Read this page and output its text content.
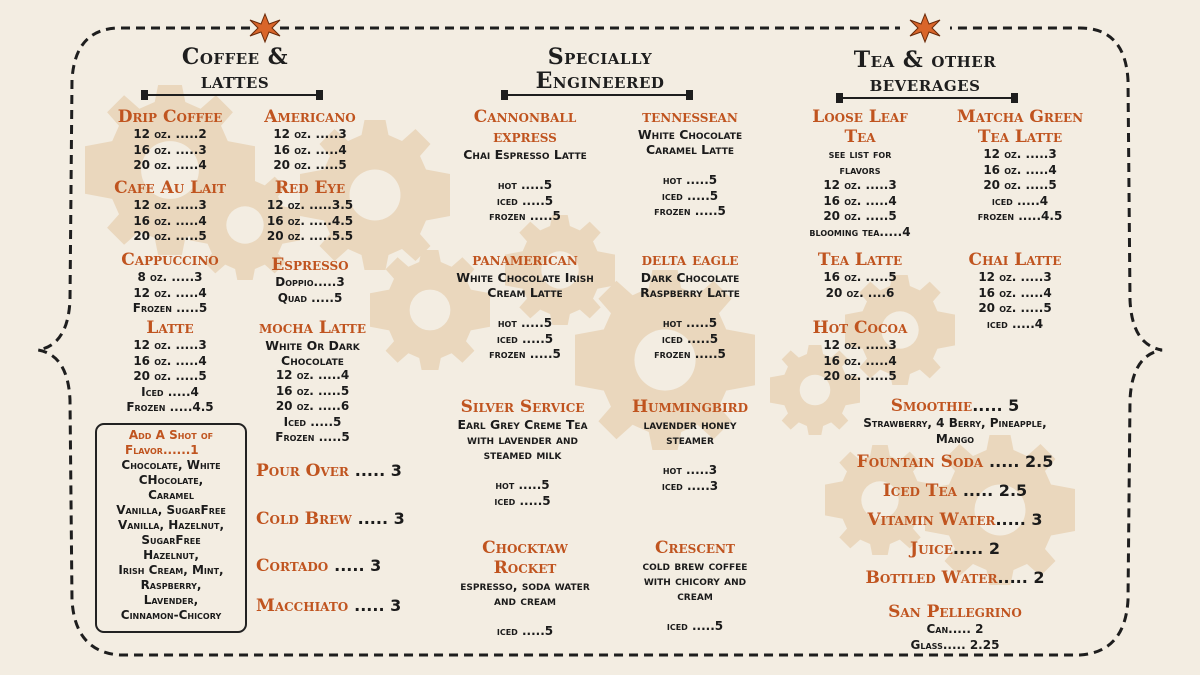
Coffee &
lattes
Specially
Engineered
Tea & other
beverages
Drip Coffee
12 oz. .....2
16 oz. .....3
20 oz. .....4
Americano
12 oz. .....3
16 oz. .....4
20 oz. .....5
Cafe Au Lait
12 oz. .....3
16 oz. .....4
20 oz. .....5
Red Eye
12 oz. .....3.5
16 oz. .....4.5
20 oz. .....5.5
Cappuccino
8 oz. .....3
12 oz. .....4
Frozen .....5
Espresso
Doppio.....3
Quad .....5
Latte
12 oz. .....3
16 oz. .....4
20 oz. .....5
Iced .....4
Frozen .....4.5
mocha Latte
White Or Dark
Chocolate
12 oz. .....4
16 oz. .....5
20 oz. .....6
Iced .....5
Frozen .....5
Add A Shot of
Flavor......1
Chocolate, White
CHocolate,
Caramel
Vanilla, SugarFree
Vanilla, Hazelnut,
SugarFree
Hazelnut,
Irish Cream, Mint,
Raspberry,
Lavender,
Cinnamon-Chicory
Pour Over ..... 3
Cold Brew ..... 3
Cortado ..... 3
Macchiato ..... 3
Cannonball
express
Chai Espresso Latte
hot .....5
iced .....5
frozen .....5
tennessean
White Chocolate
Caramel Latte
hot .....5
iced .....5
frozen .....5
panamerican
White Chocolate Irish
Cream Latte
hot .....5
iced .....5
frozen .....5
delta eagle
Dark Chocolate
Raspberry Latte
hot .....5
iced .....5
frozen .....5
Silver Service
Earl Grey Creme Tea
with lavender and
steamed milk
hot .....5
iced .....5
Hummingbird
lavender honey
steamer
hot .....3
iced .....3
Chocktaw
Rocket
espresso, soda water
and cream
iced .....5
Crescent
cold brew coffee
with chicory and
cream
iced .....5
Loose Leaf
Tea
see list for
flavors
12 oz. .....3
16 oz. .....4
20 oz. .....5
blooming tea.....4
Matcha Green
Tea Latte
12 oz. .....3
16 oz. .....4
20 oz. .....5
iced .....4
frozen .....4.5
Tea Latte
16 oz. .....5
20 oz. ....6
Chai Latte
12 oz. .....3
16 oz. .....4
20 oz. .....5
iced .....4
Hot Cocoa
12 oz. .....3
16 oz. .....4
20 oz. .....5
Smoothie..... 5
Strawberry, 4 Berry, Pineapple,
Mango
Fountain Soda ..... 2.5
Iced Tea ..... 2.5
Vitamin Water..... 3
Juice..... 2
Bottled Water..... 2
San Pellegrino
Can..... 2
Glass..... 2.25
